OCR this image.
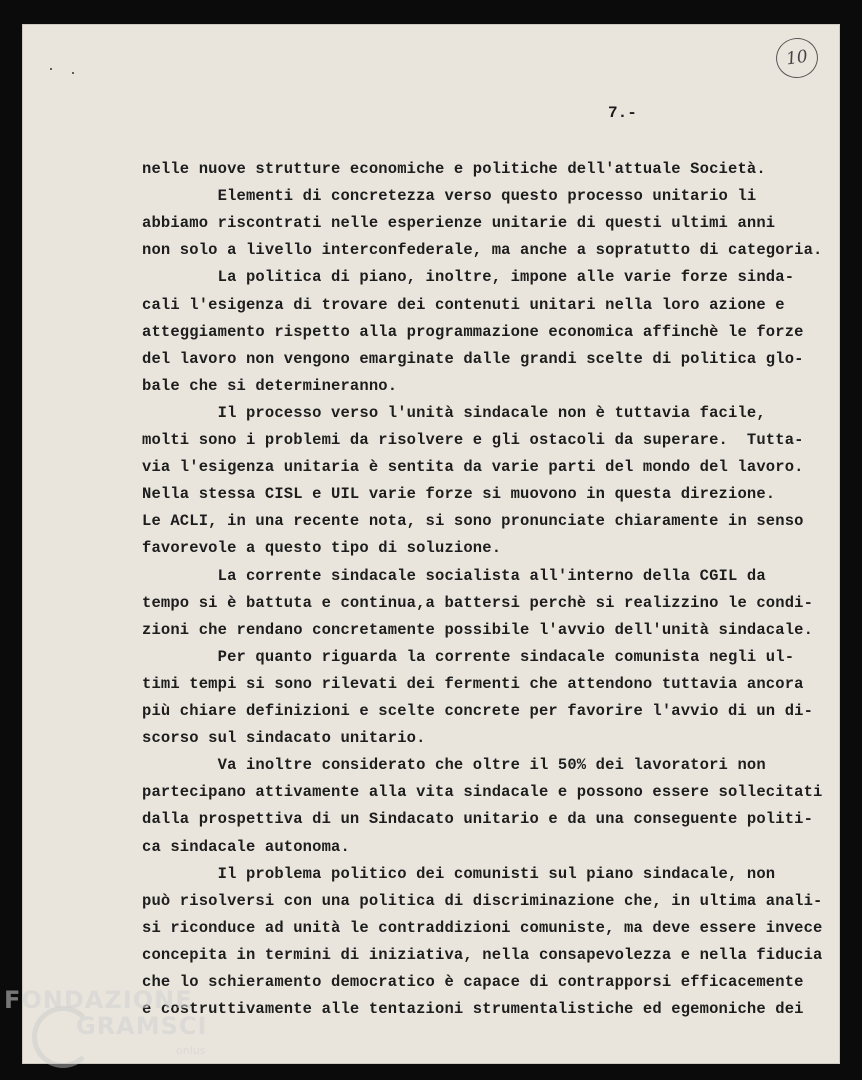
10
7.-
nelle nuove strutture economiche e politiche dell'attuale Società.
Elementi di concretezza verso questo processo unitario li
abbiamo riscontrati nelle esperienze unitarie di questi ultimi anni
non solo a livello interconfederale, ma anche a sopratutto di categoria.
La politica di piano, inoltre, impone alle varie forze sinda-
cali l'esigenza di trovare dei contenuti unitari nella loro azione e
atteggiamento rispetto alla programmazione economica affinchè le forze
del lavoro non vengono emarginate dalle grandi scelte di politica glo-
bale che si determineranno.
Il processo verso l'unità sindacale non è tuttavia facile,
molti sono i problemi da risolvere e gli ostacoli da superare.  Tutta-
via l'esigenza unitaria è sentita da varie parti del mondo del lavoro.
Nella stessa CISL e UIL varie forze si muovono in questa direzione.
Le ACLI, in una recente nota, si sono pronunciate chiaramente in senso
favorevole a questo tipo di soluzione.
La corrente sindacale socialista all'interno della CGIL da
tempo si è battuta e continua,a battersi perchè si realizzino le condi-
zioni che rendano concretamente possibile l'avvio dell'unità sindacale.
Per quanto riguarda la corrente sindacale comunista negli ul-
timi tempi si sono rilevati dei fermenti che attendono tuttavia ancora
più chiare definizioni e scelte concrete per favorire l'avvio di un di-
scorso sul sindacato unitario.
Va inoltre considerato che oltre il 50% dei lavoratori non
partecipano attivamente alla vita sindacale e possono essere sollecitati
dalla prospettiva di un Sindacato unitario e da una conseguente politi-
ca sindacale autonoma.
Il problema politico dei comunisti sul piano sindacale, non
può risolversi con una politica di discriminazione che, in ultima anali-
si riconduce ad unità le contraddizioni comuniste, ma deve essere invece
concepita in termini di iniziativa, nella consapevolezza e nella fiducia
che lo schieramento democratico è capace di contrapporsi efficacemente
e costruttivamente alle tentazioni strumentalistiche ed egemoniche dei
FONDAZIONE
GRAMSCI
onlus
